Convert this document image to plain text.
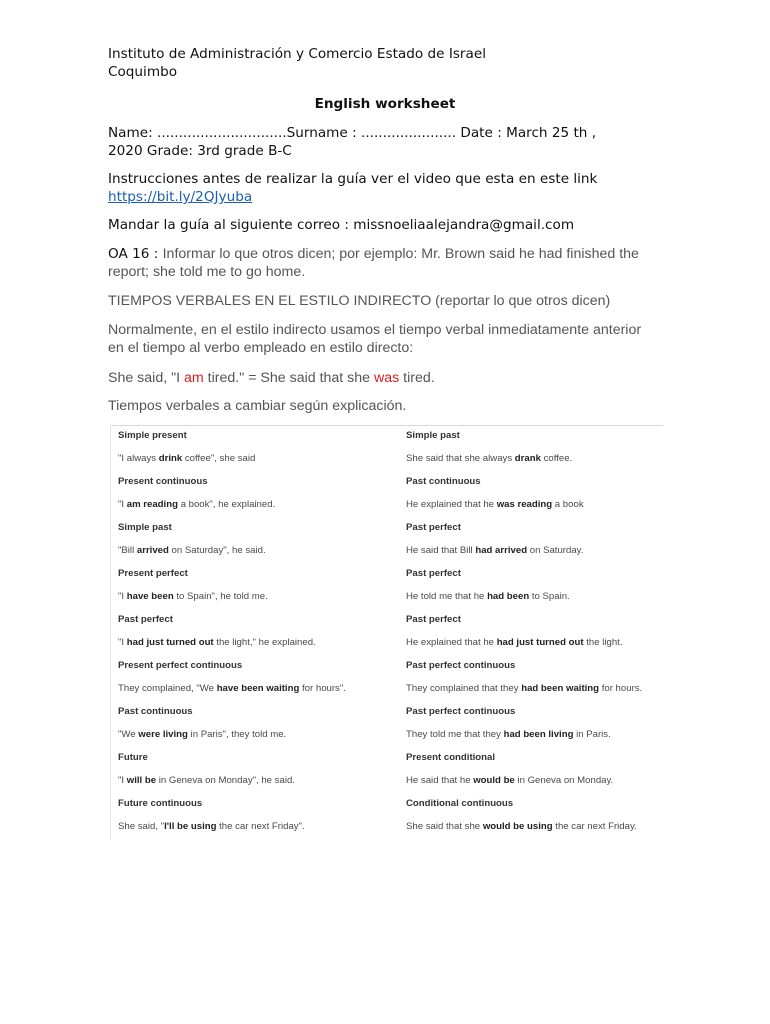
Instituto de Administración y Comercio Estado de Israel
Coquimbo
English worksheet
Name: ..............................Surname : ...................... Date : March 25 th ,
2020 Grade: 3rd grade B-C
Instrucciones antes de realizar la guía ver el video que esta en este link
https://bit.ly/2QJyuba
Mandar la guía al siguiente correo : missnoeliaalejandra@gmail.com
OA 16 : Informar lo que otros dicen; por ejemplo: Mr. Brown said he had finished the
report; she told me to go home.
TIEMPOS VERBALES EN EL ESTILO INDIRECTO (reportar lo que otros dicen)
Normalmente, en el estilo indirecto usamos el tiempo verbal inmediatamente anterior
en el tiempo al verbo empleado en estilo directo:
She said, "I am tired." = She said that she was tired.
Tiempos verbales a cambiar según explicación.
Simple present
"I always drink coffee", she said
Simple past
She said that she always drank coffee.
Present continuous
"I am reading a book", he explained.
Past continuous
He explained that he was reading a book
Simple past
"Bill arrived on Saturday", he said.
Past perfect
He said that Bill had arrived on Saturday.
Present perfect
"I have been to Spain", he told me.
Past perfect
He told me that he had been to Spain.
Past perfect
"I had just turned out the light," he explained.
Past perfect
He explained that he had just turned out the light.
Present perfect continuous
They complained, "We have been waiting for hours".
Past perfect continuous
They complained that they had been waiting for hours.
Past continuous
"We were living in Paris", they told me.
Past perfect continuous
They told me that they had been living in Paris.
Future
"I will be in Geneva on Monday", he said.
Present conditional
He said that he would be in Geneva on Monday.
Future continuous
She said, "I'll be using the car next Friday".
Conditional continuous
She said that she would be using the car next Friday.
